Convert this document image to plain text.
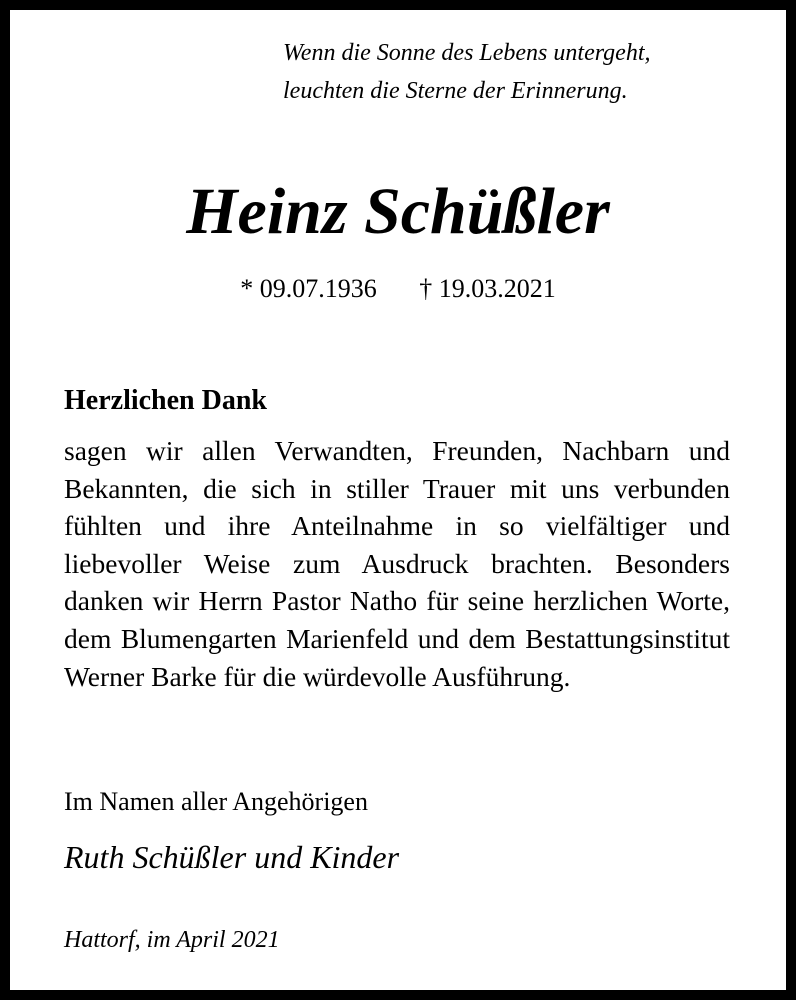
Wenn die Sonne des Lebens untergeht,
leuchten die Sterne der Erinnerung.
Heinz Schüßler
* 09.07.1936 † 19.03.2021
Herzlichen Dank
sagen wir allen Verwandten, Freunden, Nachbarn und Bekannten, die sich in stiller Trauer mit uns verbunden fühlten und ihre Anteilnahme in so vielfältiger und liebevoller Weise zum Ausdruck brachten. Besonders danken wir Herrn Pastor Natho für seine herzlichen Worte, dem Blumengarten Marienfeld und dem Bestattungsinstitut Werner Barke für die würdevolle Ausführung.
Im Namen aller Angehörigen
Ruth Schüßler und Kinder
Hattorf, im April 2021
